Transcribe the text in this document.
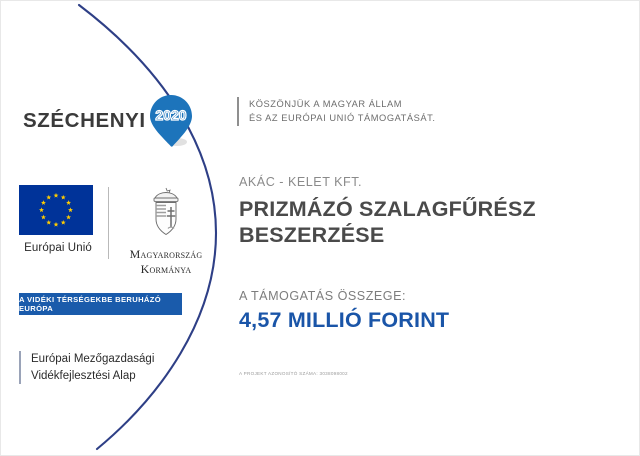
SZÉCHENYI 2020
Európai Unió	Magyarország
Kormánya
A VIDÉKI TÉRSÉGEKBE BERUHÁZÓ EURÓPA
Európai Mezőgazdasági
Vidékfejlesztési Alap
KÖSZÖNJÜK A MAGYAR ÁLLAM
ÉS AZ EURÓPAI UNIÓ TÁMOGATÁSÁT.
AKÁC - KELET KFT.
PRIZMÁZÓ SZALAGFŰRÉSZ
BESZERZÉSE
A TÁMOGATÁS ÖSSZEGE:
4,57 MILLIÓ FORINT
A PROJEKT AZONOSÍTÓ SZÁMA: 3038098002
